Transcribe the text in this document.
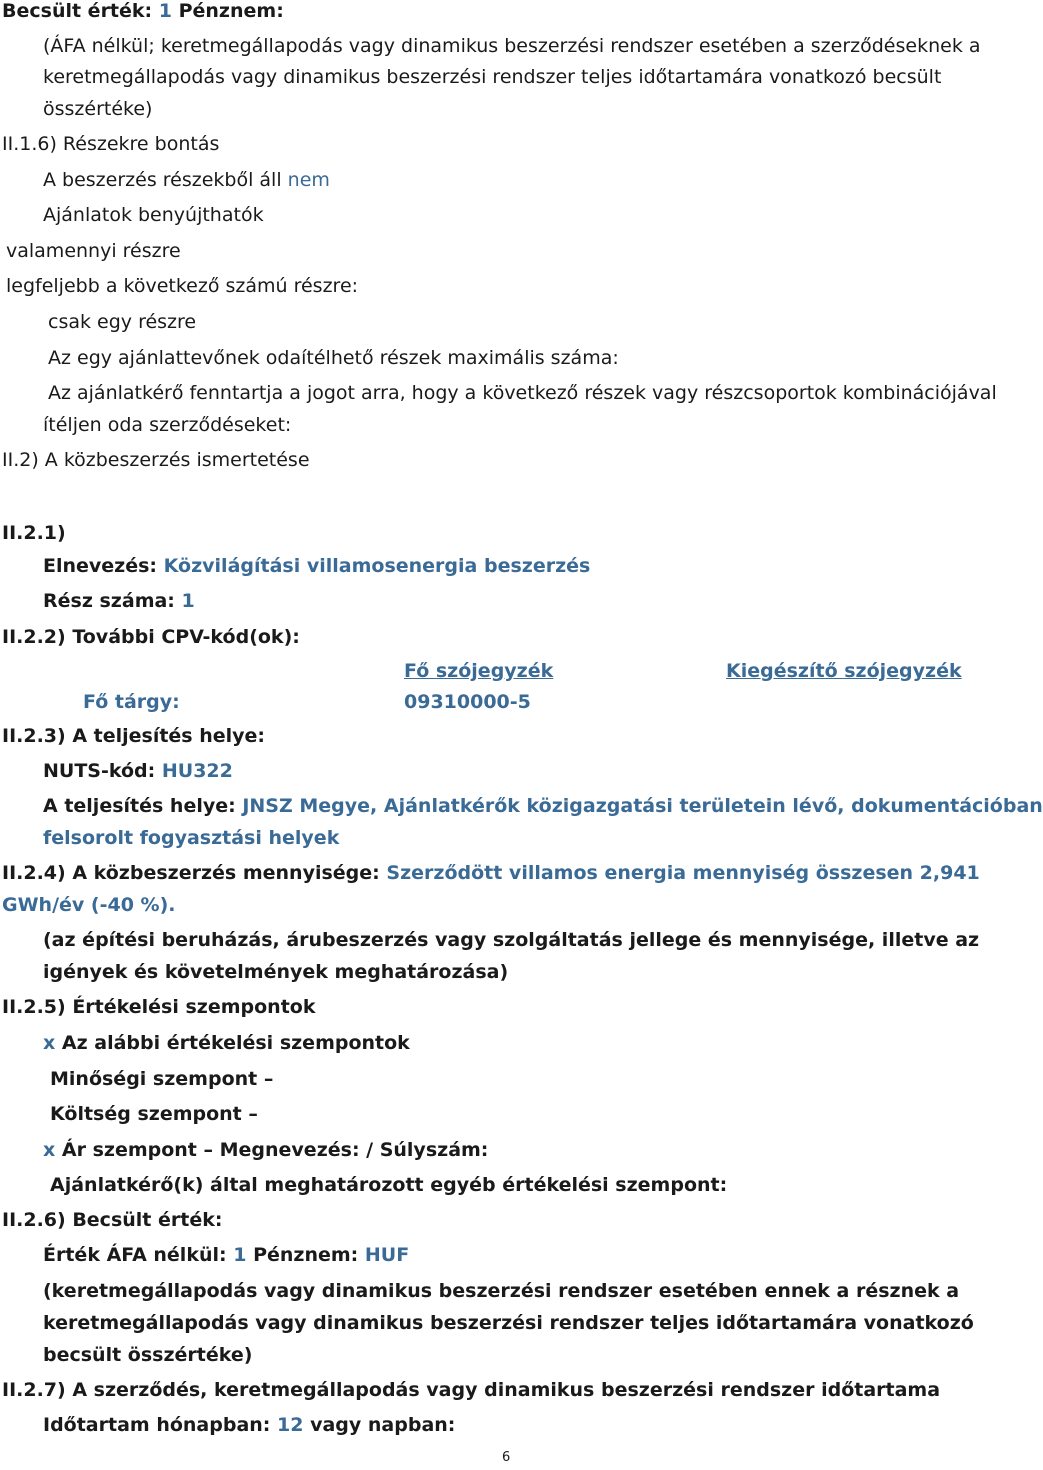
Becsült érték: 1 Pénznem:
(ÁFA nélkül; keretmegállapodás vagy dinamikus beszerzési rendszer esetében a szerződéseknek a
keretmegállapodás vagy dinamikus beszerzési rendszer teljes időtartamára vonatkozó becsült
összértéke)
II.1.6) Részekre bontás
A beszerzés részekből áll nem
Ajánlatok benyújthatók
valamennyi részre
legfeljebb a következő számú részre:
csak egy részre
Az egy ajánlattevőnek odaítélhető részek maximális száma:
Az ajánlatkérő fenntartja a jogot arra, hogy a következő részek vagy részcsoportok kombinációjával
ítéljen oda szerződéseket:
II.2) A közbeszerzés ismertetése
II.2.1)
Elnevezés: Közvilágítási villamosenergia beszerzés
Rész száma: 1
II.2.2) További CPV-kód(ok):
Fő szójegyzék	Kiegészítő szójegyzék
Fő tárgy:	09310000-5
II.2.3) A teljesítés helye:
NUTS-kód: HU322
A teljesítés helye: JNSZ Megye, Ajánlatkérők közigazgatási területein lévő, dokumentációban
felsorolt fogyasztási helyek
II.2.4) A közbeszerzés mennyisége: Szerződött villamos energia mennyiség összesen 2,941
GWh/év (-40 %).
(az építési beruházás, árubeszerzés vagy szolgáltatás jellege és mennyisége, illetve az
igények és követelmények meghatározása)
II.2.5) Értékelési szempontok
x Az alábbi értékelési szempontok
Minőségi szempont –
Költség szempont –
x Ár szempont – Megnevezés: / Súlyszám:
Ajánlatkérő(k) által meghatározott egyéb értékelési szempont:
II.2.6) Becsült érték:
Érték ÁFA nélkül: 1 Pénznem: HUF
(keretmegállapodás vagy dinamikus beszerzési rendszer esetében ennek a résznek a
keretmegállapodás vagy dinamikus beszerzési rendszer teljes időtartamára vonatkozó
becsült összértéke)
II.2.7) A szerződés, keretmegállapodás vagy dinamikus beszerzési rendszer időtartama
Időtartam hónapban: 12 vagy napban:
6
